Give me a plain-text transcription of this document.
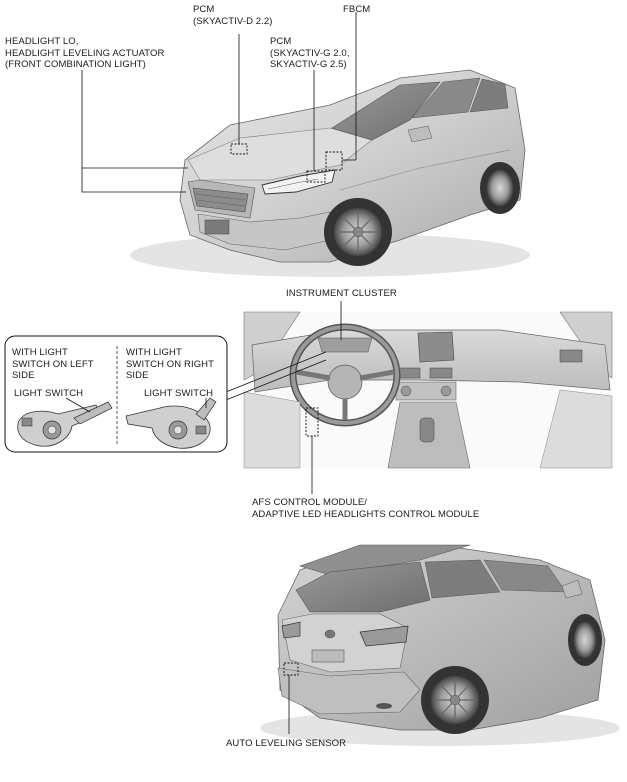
PCM
(SKYACTIV-D 2.2)
FBCM
HEADLIGHT LO,
HEADLIGHT LEVELING ACTUATOR
(FRONT COMBINATION LIGHT)
PCM
(SKYACTIV-G 2.0,
SKYACTIV-G 2.5)
INSTRUMENT CLUSTER
WITH LIGHT
SWITCH ON LEFT
SIDE
WITH LIGHT
SWITCH ON RIGHT
SIDE
LIGHT SWITCH	LIGHT SWITCH
AFS CONTROL MODULE/
ADAPTIVE LED HEADLIGHTS CONTROL MODULE
AUTO LEVELING SENSOR
